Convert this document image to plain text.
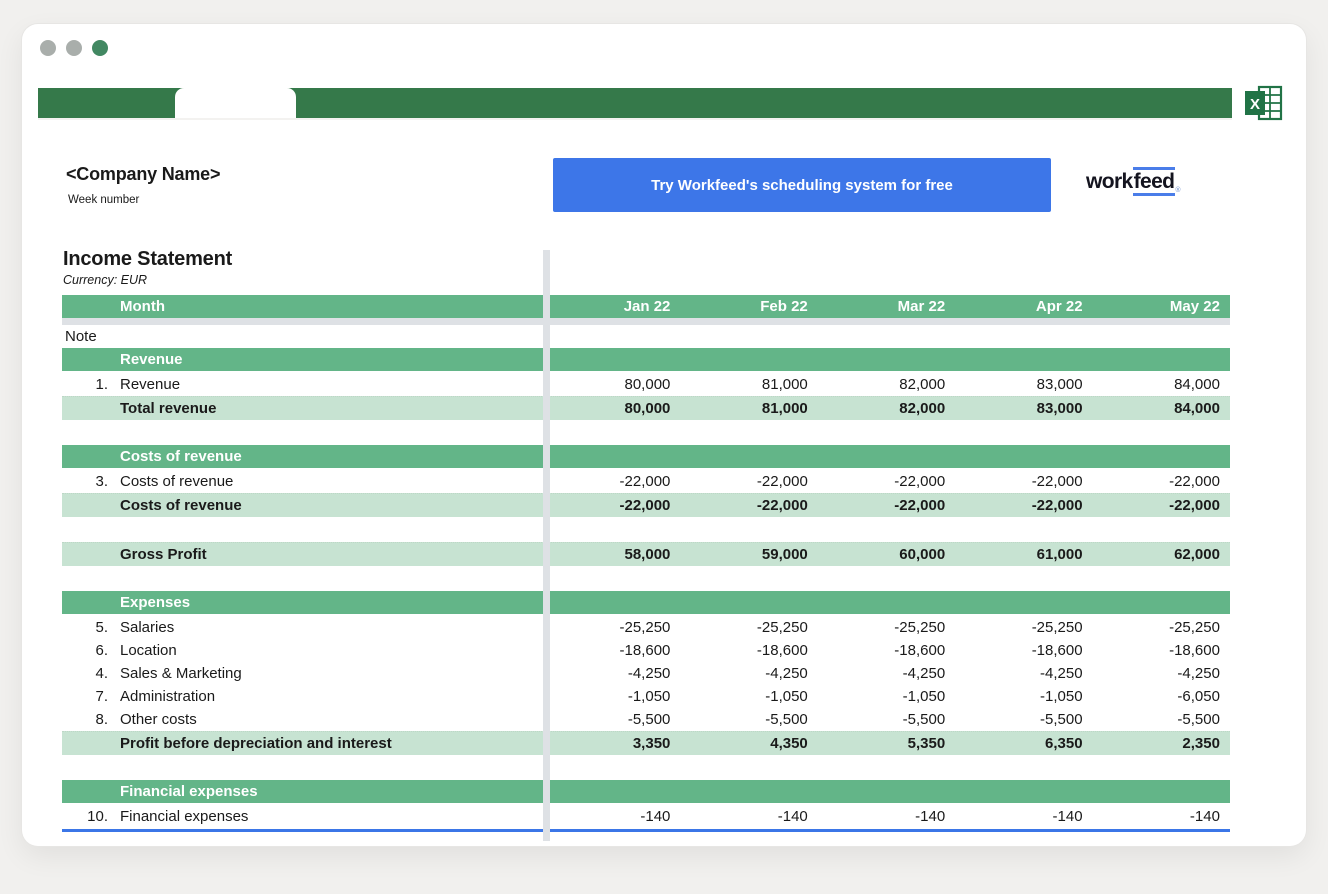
X
<Company Name>
Week number
Try Workfeed's scheduling system for free	workfeed®
Income Statement
Currency: EUR
Month	Jan 22	Feb 22	Mar 22	Apr 22	May 22
Note
Revenue
1. Revenue	80,000	81,000	82,000	83,000	84,000
Total revenue	80,000	81,000	82,000	83,000	84,000
Costs of revenue
3. Costs of revenue	-22,000	-22,000	-22,000	-22,000	-22,000
Costs of revenue	-22,000	-22,000	-22,000	-22,000	-22,000
Gross Profit	58,000	59,000	60,000	61,000	62,000
Expenses
5. Salaries	-25,250	-25,250	-25,250	-25,250	-25,250
6. Location	-18,600	-18,600	-18,600	-18,600	-18,600
4. Sales & Marketing	-4,250	-4,250	-4,250	-4,250	-4,250
7. Administration	-1,050	-1,050	-1,050	-1,050	-6,050
8. Other costs	-5,500	-5,500	-5,500	-5,500	-5,500
Profit before depreciation and interest	3,350	4,350	5,350	6,350	2,350
Financial expenses
10. Financial expenses	-140	-140	-140	-140	-140
